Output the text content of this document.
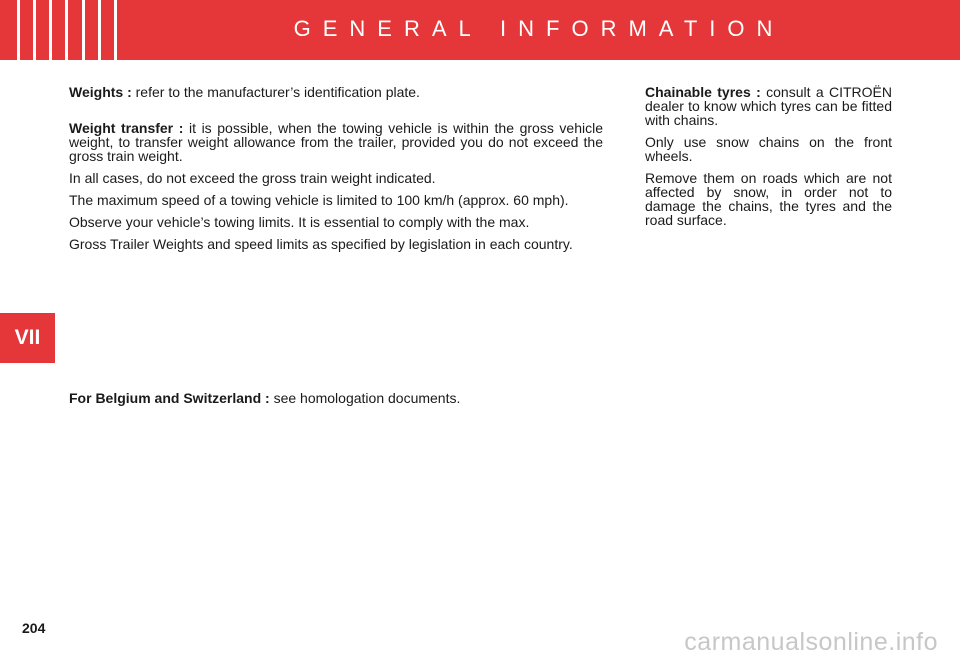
GENERAL INFORMATION
VII

Weights : refer to the manufacturer’s identification plate.

Weight transfer : it is possible, when the towing vehicle is within the gross vehicle weight, to transfer weight allowance from the trailer, provided you do not exceed the gross train weight.

In all cases, do not exceed the gross train weight indicated.

The maximum speed of a towing vehicle is limited to 100 km/h (approx. 60 mph).

Observe your vehicle’s towing limits. It is essential to comply with the max.

Gross Trailer Weights and speed limits as specified by legislation in each country.

For Belgium and Switzerland : see homologation documents.

Chainable tyres : consult a CITROËN dealer to know which tyres can be fitted with chains.

Only use snow chains on the front wheels.

Remove them on roads which are not affected by snow, in order not to damage the chains, the tyres and the road surface.

204	carmanualsonline.info
